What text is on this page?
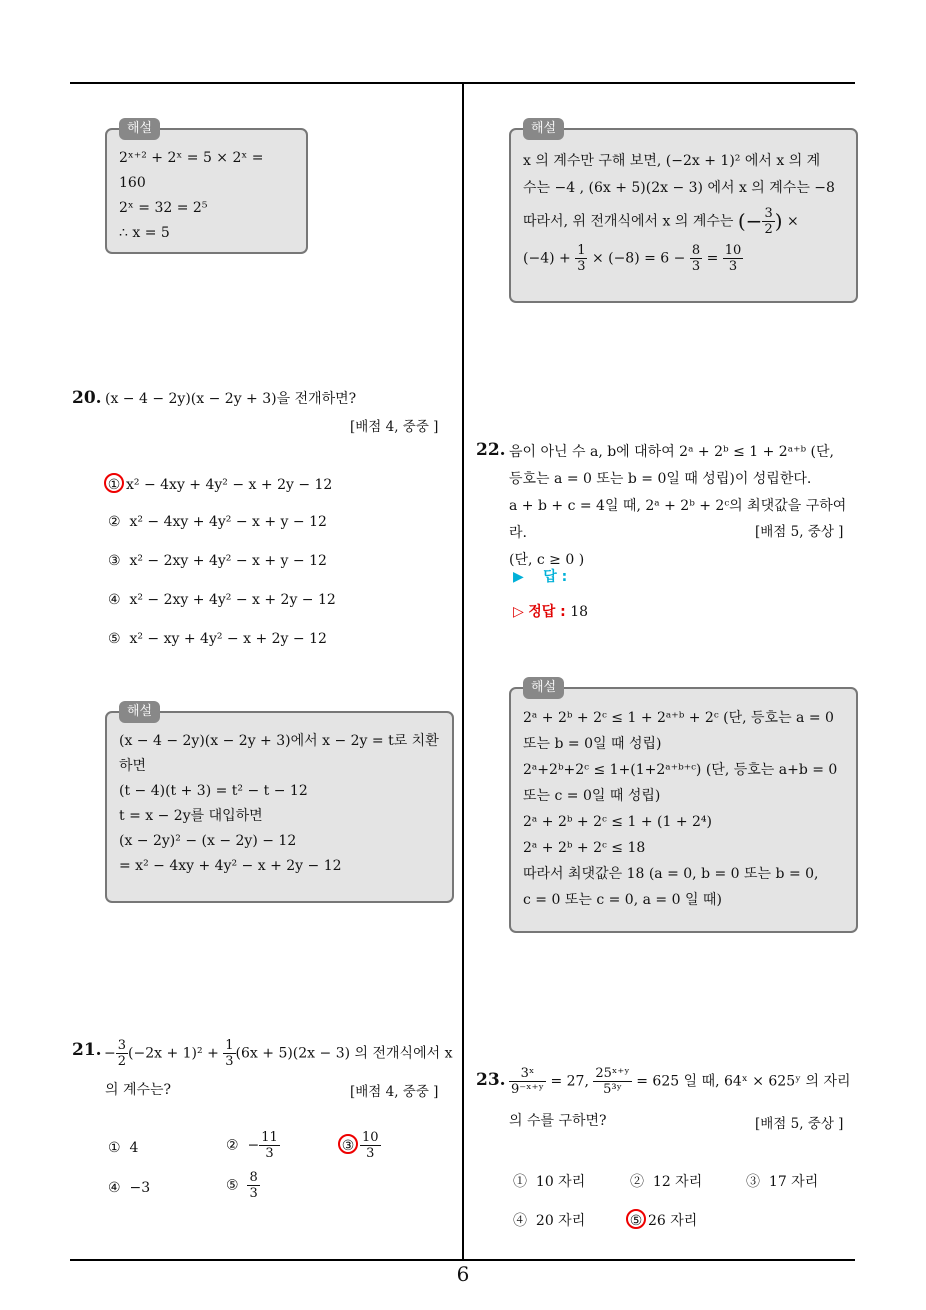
해설
2ˣ⁺² + 2ˣ = 5 × 2ˣ = 160
2ˣ = 32 = 2⁵
∴ x = 5
해설
x 의 계수만 구해 보면, (−2x + 1)² 에서 x 의 계
수는 −4 , (6x + 5)(2x − 3) 에서 x 의 계수는 −8
따라서, 위 전개식에서 x 의 계수는 (− $\frac{3}{2}$ ) ×
$(-4) + \frac{1}{3} \times (-8) = 6 - \frac{8}{3} = \frac{10}{3}$
20. (x − 4 − 2y)(x − 2y + 3)을 전개하면?
[배점 4, 중중 ]
① x² − 4xy + 4y² − x + 2y − 12
② x² − 4xy + 4y² − x + y − 12
③ x² − 2xy + 4y² − x + y − 12
④ x² − 2xy + 4y² − x + 2y − 12
⑤ x² − xy + 4y² − x + 2y − 12
해설
(x − 4 − 2y)(x − 2y + 3)에서 x − 2y = t로 치환
하면
(t − 4)(t + 3) = t² − t − 12
t = x − 2y를 대입하면
(x − 2y)² − (x − 2y) − 12
= x² − 4xy + 4y² − x + 2y − 12
21. − $\frac{3}{2} (-2x + 1)^2 + \frac{1}{3} (6x + 5)(2x - 3)$ 의 전개식에서 x
의 계수는?	[배점 4, 중중 ]
① 4	② − $\frac{11}{3}$	③ $\frac{10}{3}$
④ −3	⑤ $\frac{8}{3}$
22. 음이 아닌 수 a, b에 대하여 2ᵃ + 2ᵇ ≤ 1 + 2ᵃ⁺ᵇ (단,
등호는 a = 0 또는 b = 0일 때 성립)이 성립한다.
a + b + c = 4일 때, 2ᵃ + 2ᵇ + 2ᶜ의 최댓값을 구하여라.
(단, c ≥ 0 )
[배점 5, 중상 ]
▶ 답 :
▷ 정답 : 18
해설
2ᵃ + 2ᵇ + 2ᶜ ≤ 1 + 2ᵃ⁺ᵇ + 2ᶜ (단, 등호는 a = 0
또는 b = 0일 때 성립)
2ᵃ+2ᵇ+2ᶜ ≤ 1+(1+2ᵃ⁺ᵇ⁺ᶜ) (단, 등호는 a+b = 0
또는 c = 0일 때 성립)
2ᵃ + 2ᵇ + 2ᶜ ≤ 1 + (1 + 2⁴)
2ᵃ + 2ᵇ + 2ᶜ ≤ 18
따라서 최댓값은 18 (a = 0, b = 0 또는 b = 0,
c = 0 또는 c = 0, a = 0 일 때)
23. $\frac{\text{3ˣ}}{\text{9⁻ˣ⁺ʸ}} = 27$, $\frac{\text{25ˣ⁺ʸ}}{\text{5³ʸ}} = 625$ 일 때, 64ˣ × 625ʸ 의 자리
의 수를 구하면?	[배점 5, 중상 ]
① 10 자리	② 12 자리	③ 17 자리
④ 20 자리	⑤ 26 자리
6
